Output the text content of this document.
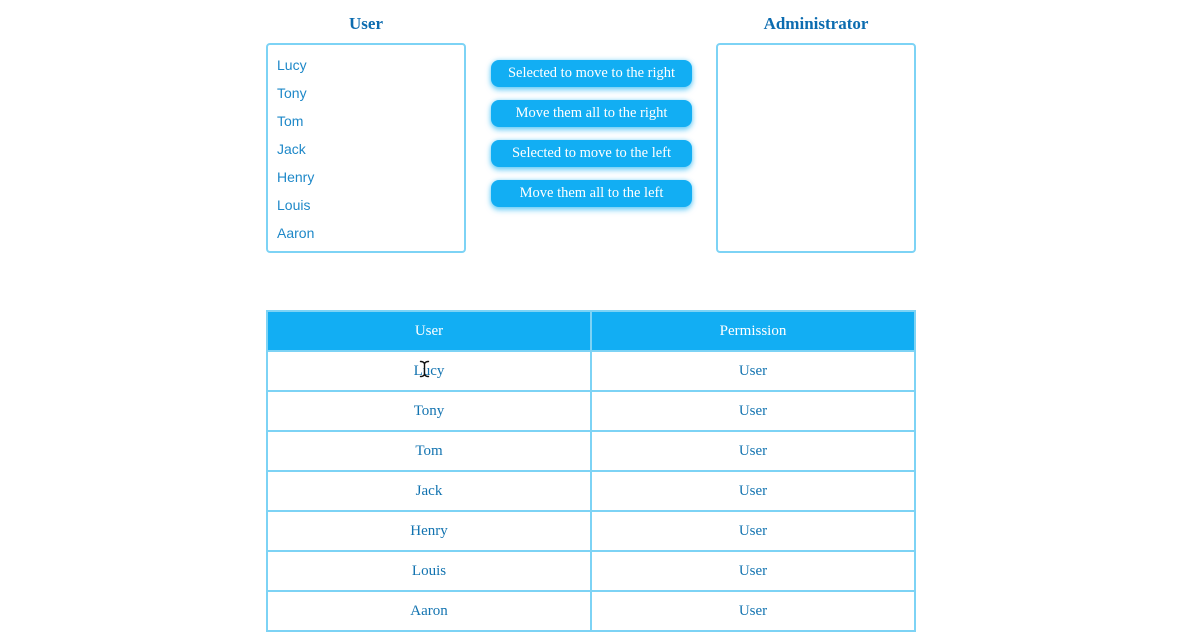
User
Lucy
Tony
Tom
Jack
Henry
Louis
Aaron
Selected to move to the right
Move them all to the right
Selected to move to the left
Move them all to the left
Administrator
User	Permission
Lucy	User
Tony	User
Tom	User
Jack	User
Henry	User
Louis	User
Aaron	User
